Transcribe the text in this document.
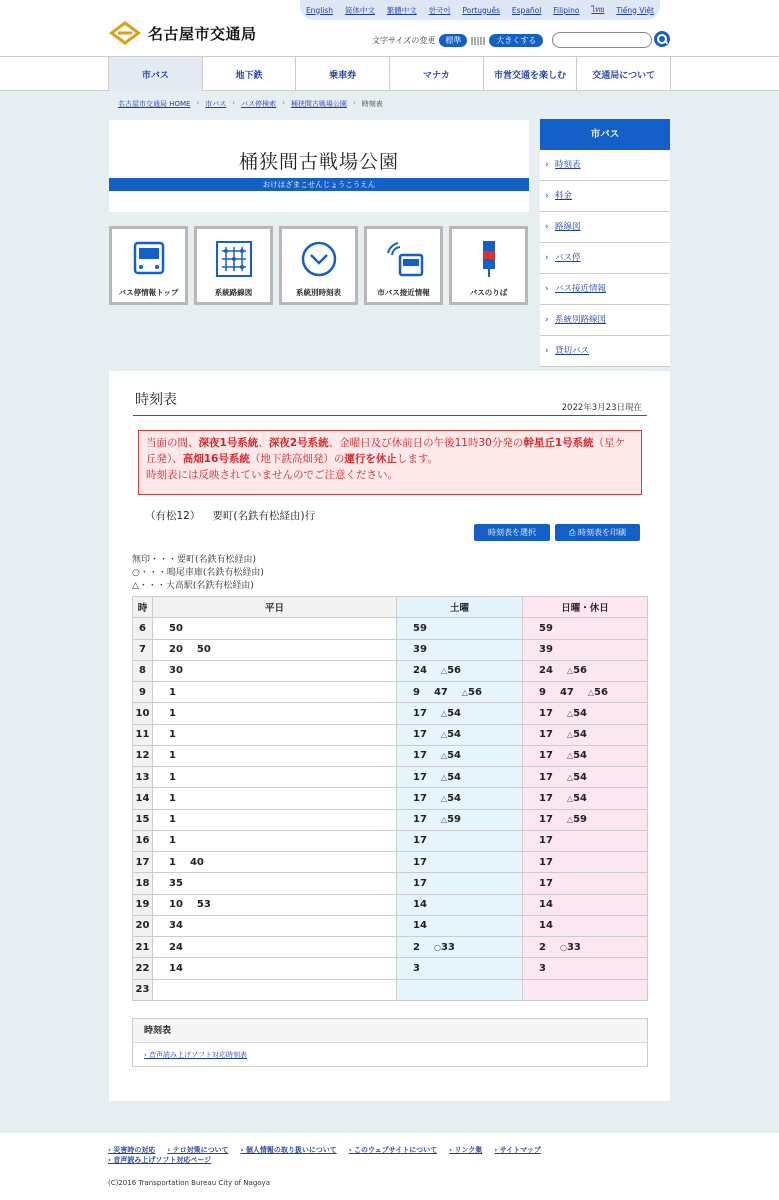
English 简体中文 繁體中文 한국어 Português Español Filipino ไทย Tiếng Việt
名古屋市交通局	文字サイズの変更	標準	大きくする
市バス	地下鉄	乗車券	マナカ	市営交通を楽しむ	交通局について
名古屋市交通局 HOME › 市バス › バス停検索 › 桶狭間古戦場公園 › 時刻表
桶狭間古戦場公園
おけはざまこせんじょうこうえん
バス停情報トップ	系統路線図	系統別時刻表	市バス接近情報	バスのりば
市バス
› 時刻表
› 料金
› 路線図
› バス停
› バス接近情報
› 系統別路線図
› 貸切バス
時刻表	2022年3月23日現在
当面の間、深夜1号系統、深夜2号系統、金曜日及び休前日の午後11時30分発の幹星丘1号系統（星ケ丘発）、高畑16号系統（地下鉄高畑発）の運行を休止します。
時刻表には反映されていませんのでご注意ください。
（有松12） 要町(名鉄有松経由)行
時刻表を選択	⎙ 時刻表を印刷
無印・・・要町(名鉄有松経由)
○・・・鳴尾車庫(名鉄有松経由)
△・・・大高駅(名鉄有松経由)
時	平日	土曜	日曜・休日
6	50	59	59
7	20 50	39	39
8	30	24 △56	24 △56
9	1	9 47 △56	9 47 △56
10	1	17 △54	17 △54
11	1	17 △54	17 △54
12	1	17 △54	17 △54
13	1	17 △54	17 △54
14	1	17 △54	17 △54
15	1	17 △59	17 △59
16	1	17	17
17	1 40	17	17
18	35	17	17
19	10 53	14	14
20	34	14	14
21	24	2 ○33	2 ○33
22	14	3	3
23			
時刻表
› 音声読み上げソフト対応時刻表
› 災害時の対応 › テロ対策について › 個人情報の取り扱いについて › このウェブサイトについて › リンク集 › サイトマップ
› 音声読み上げソフト対応ページ
(C)2016 Transportation Bureau City of Nagoya
